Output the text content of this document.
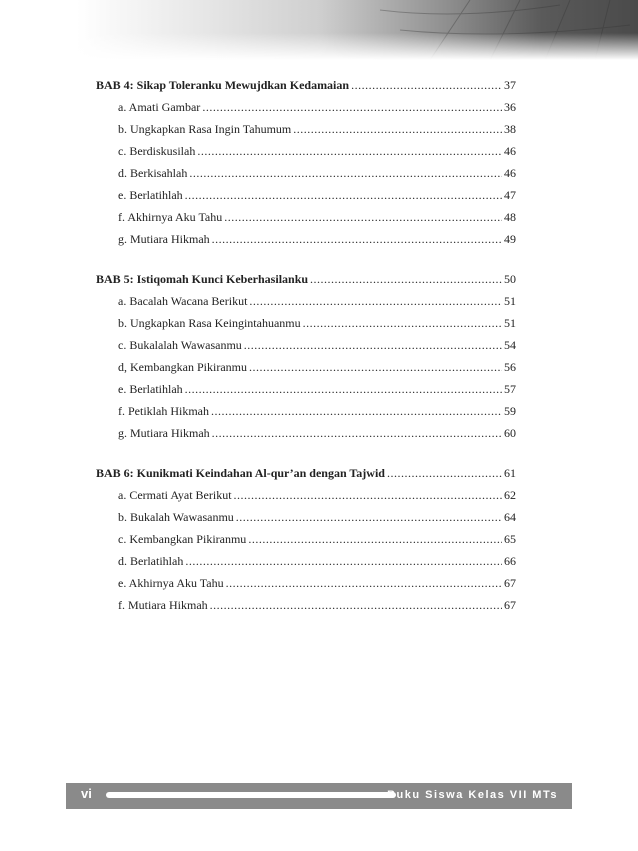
BAB 4: Sikap Toleranku Mewujdkan Kedamaian .....	37
a. Amati Gambar .....	36
b. Ungkapkan Rasa Ingin Tahumum .....	38
c. Berdiskusilah .....	46
d. Berkisahlah .....	46
e. Berlatihlah .....	47
f. Akhirnya Aku Tahu .....	48
g. Mutiara Hikmah .....	49
BAB 5: Istiqomah Kunci Keberhasilanku .....	50
a. Bacalah Wacana Berikut .....	51
b. Ungkapkan Rasa Keingintahuanmu .....	51
c. Bukalalah Wawasanmu .....	54
d, Kembangkan Pikiranmu .....	56
e. Berlatihlah .....	57
f. Petiklah Hikmah .....	59
g. Mutiara Hikmah .....	60
BAB 6: Kunikmati Keindahan Al-qur’an dengan Tajwid .....	61
a. Cermati Ayat Berikut .....	62
b. Bukalah Wawasanmu .....	64
c. Kembangkan Pikiranmu .....	65
d. Berlatihlah .....	66
e. Akhirnya Aku Tahu .....	67
f. Mutiara Hikmah .....	67
vi	Buku Siswa Kelas VII MTs
